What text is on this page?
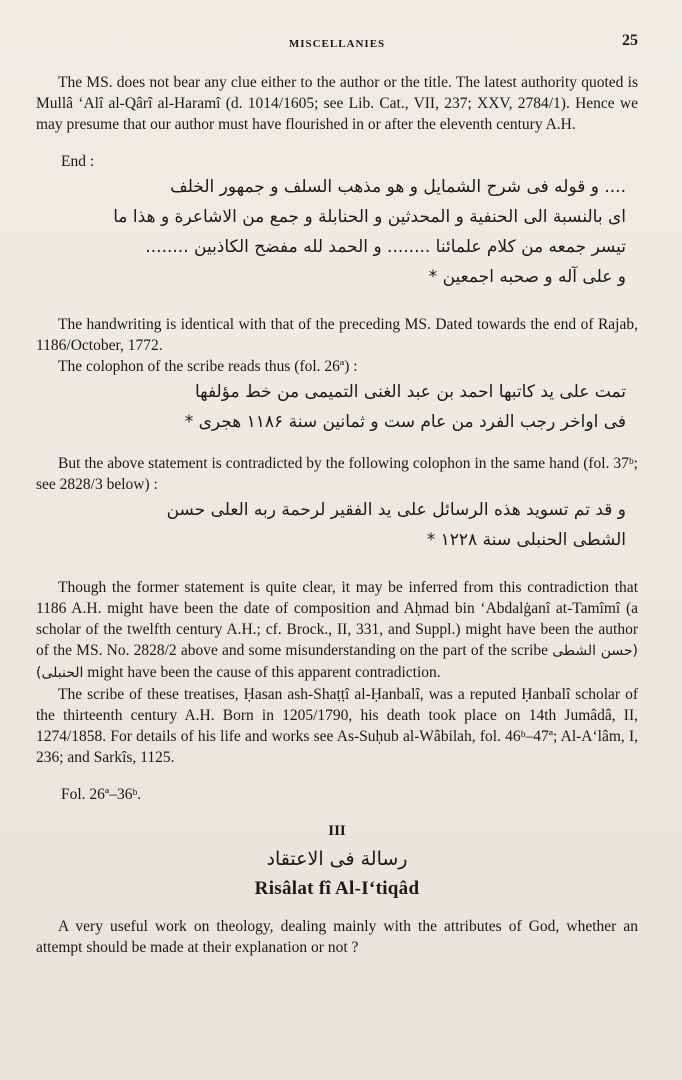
MISCELLANIES	25

The MS. does not bear any clue either to the author or the title. The latest authority quoted is Mullâ ‘Alî al-Qârî al-Haramî (d. 1014/1605; see Lib. Cat., VII, 237; XXV, 2784/1). Hence we may presume that our author must have flourished in or after the eleventh century A.H.

End :
.... و قوله فی شرح الشمایل و هو مذهب السلف و جمهور الخلف
ای بالنسبة الی الحنفیة و المحدثین و الحنابلة و جمع من الاشاعرة و هذا ما
تیسر جمعه من کلام علمائنا ........ و الحمد لله مفضح الکاذبین ........
و علی آله و صحبه اجمعین *

The handwriting is identical with that of the preceding MS. Dated towards the end of Rajab, 1186/October, 1772.

The colophon of the scribe reads thus (fol. 26ª) :

تمت علی ید کاتبها احمد بن عبد الغنی التمیمی من خط مؤلفها
فی اواخر رجب الفرد من عام ست و ثمانین سنة ۱۱۸۶ هجری *

But the above statement is contradicted by the following colophon in the same hand (fol. 37ᵇ; see 2828/3 below) :

و قد تم تسوید هذه الرسائل علی ید الفقیر لرحمة ربه العلی حسن
الشطی الحنبلی سنة ۱۲۲۸ *

Though the former statement is quite clear, it may be inferred from this contradiction that 1186 A.H. might have been the date of composition and Aḥmad bin ‘Abdalġanî at-Tamîmî (a scholar of the twelfth century A.H.; cf. Brock., II, 331, and Suppl.) might have been the author of the MS. No. 2828/2 above and some misunderstanding on the part of the scribe (حسن الشطی الحنبلی) might have been the cause of this apparent contradiction.

The scribe of these treatises, Ḥasan ash-Shaṭṭî al-Ḥanbalî, was a reputed Ḥanbalî scholar of the thirteenth century A.H. Born in 1205/1790, his death took place on 14th Jumâdâ, II, 1274/1858. For details of his life and works see As-Suḥub al-Wâbilah, fol. 46ᵇ–47ª; Al-A‘lâm, I, 236; and Sarkîs, 1125.

Fol. 26ª–36ᵇ.
III
رسالة فی الاعتقاد
Risâlat fî Al-I‘tiqâd

A very useful work on theology, dealing mainly with the attributes of God, whether an attempt should be made at their explanation or not ?
